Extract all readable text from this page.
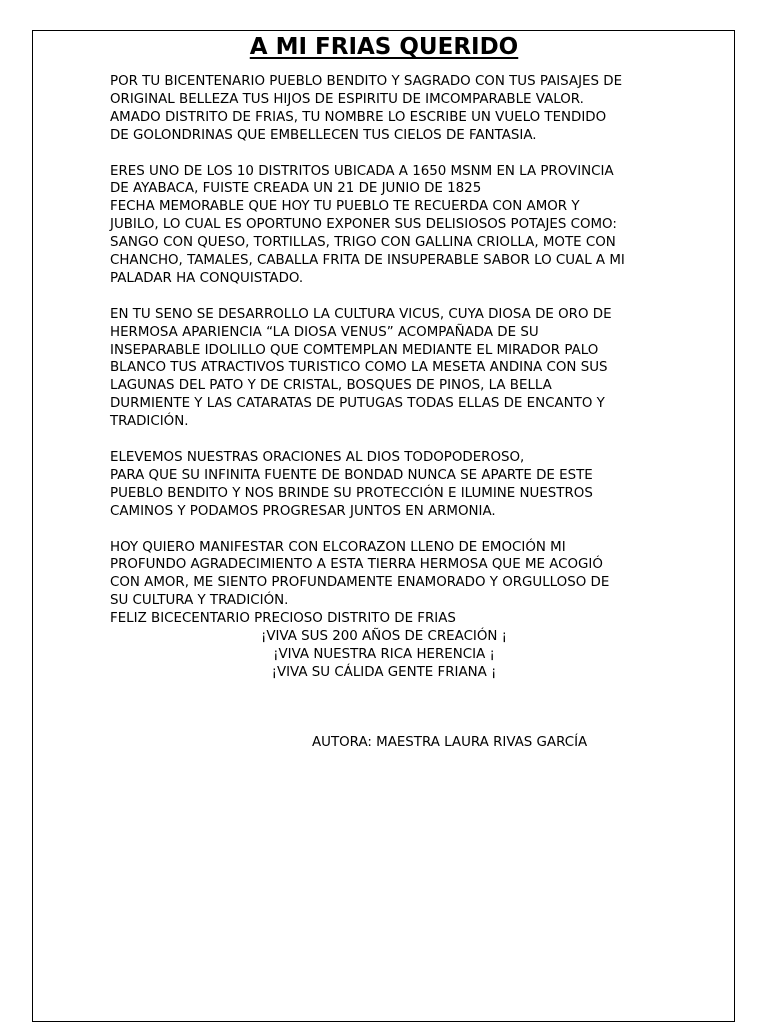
A MI FRIAS QUERIDO
POR TU BICENTENARIO PUEBLO BENDITO Y SAGRADO CON TUS PAISAJES DE
ORIGINAL BELLEZA TUS HIJOS DE ESPIRITU DE IMCOMPARABLE VALOR.
AMADO DISTRITO DE FRIAS, TU NOMBRE LO ESCRIBE UN VUELO TENDIDO
DE GOLONDRINAS QUE EMBELLECEN TUS CIELOS DE FANTASIA.
ERES UNO DE LOS 10 DISTRITOS UBICADA A 1650 MSNM EN LA PROVINCIA
DE AYABACA, FUISTE CREADA UN 21 DE JUNIO DE 1825
FECHA MEMORABLE QUE HOY TU PUEBLO TE RECUERDA CON AMOR Y
JUBILO, LO CUAL ES OPORTUNO EXPONER SUS DELISIOSOS POTAJES COMO:
SANGO CON QUESO, TORTILLAS, TRIGO CON GALLINA CRIOLLA, MOTE CON
CHANCHO, TAMALES, CABALLA FRITA DE INSUPERABLE SABOR LO CUAL A MI
PALADAR HA CONQUISTADO.
EN TU SENO SE DESARROLLO LA CULTURA VICUS, CUYA DIOSA DE ORO DE
HERMOSA APARIENCIA “LA DIOSA VENUS” ACOMPAÑADA DE SU
INSEPARABLE IDOLILLO QUE COMTEMPLAN MEDIANTE EL MIRADOR PALO
BLANCO TUS ATRACTIVOS TURISTICO COMO LA MESETA ANDINA CON SUS
LAGUNAS DEL PATO Y DE CRISTAL, BOSQUES DE PINOS, LA BELLA
DURMIENTE Y LAS CATARATAS DE PUTUGAS TODAS ELLAS DE ENCANTO Y
TRADICIÓN.
ELEVEMOS NUESTRAS ORACIONES AL DIOS TODOPODEROSO,
PARA QUE SU INFINITA FUENTE DE BONDAD NUNCA SE APARTE DE ESTE
PUEBLO BENDITO Y NOS BRINDE SU PROTECCIÓN E ILUMINE NUESTROS
CAMINOS Y PODAMOS PROGRESAR JUNTOS EN ARMONIA.
HOY QUIERO MANIFESTAR CON ELCORAZON LLENO DE EMOCIÓN MI
PROFUNDO AGRADECIMIENTO A ESTA TIERRA HERMOSA QUE ME ACOGIÓ
CON AMOR, ME SIENTO PROFUNDAMENTE ENAMORADO Y ORGULLOSO DE
SU CULTURA Y TRADICIÓN.
FELIZ BICECENTARIO PRECIOSO DISTRITO DE FRIAS
¡VIVA SUS 200 AÑOS DE CREACIÓN ¡
¡VIVA NUESTRA RICA HERENCIA ¡
¡VIVA SU CÁLIDA GENTE FRIANA ¡
AUTORA: MAESTRA LAURA RIVAS GARCÍA
